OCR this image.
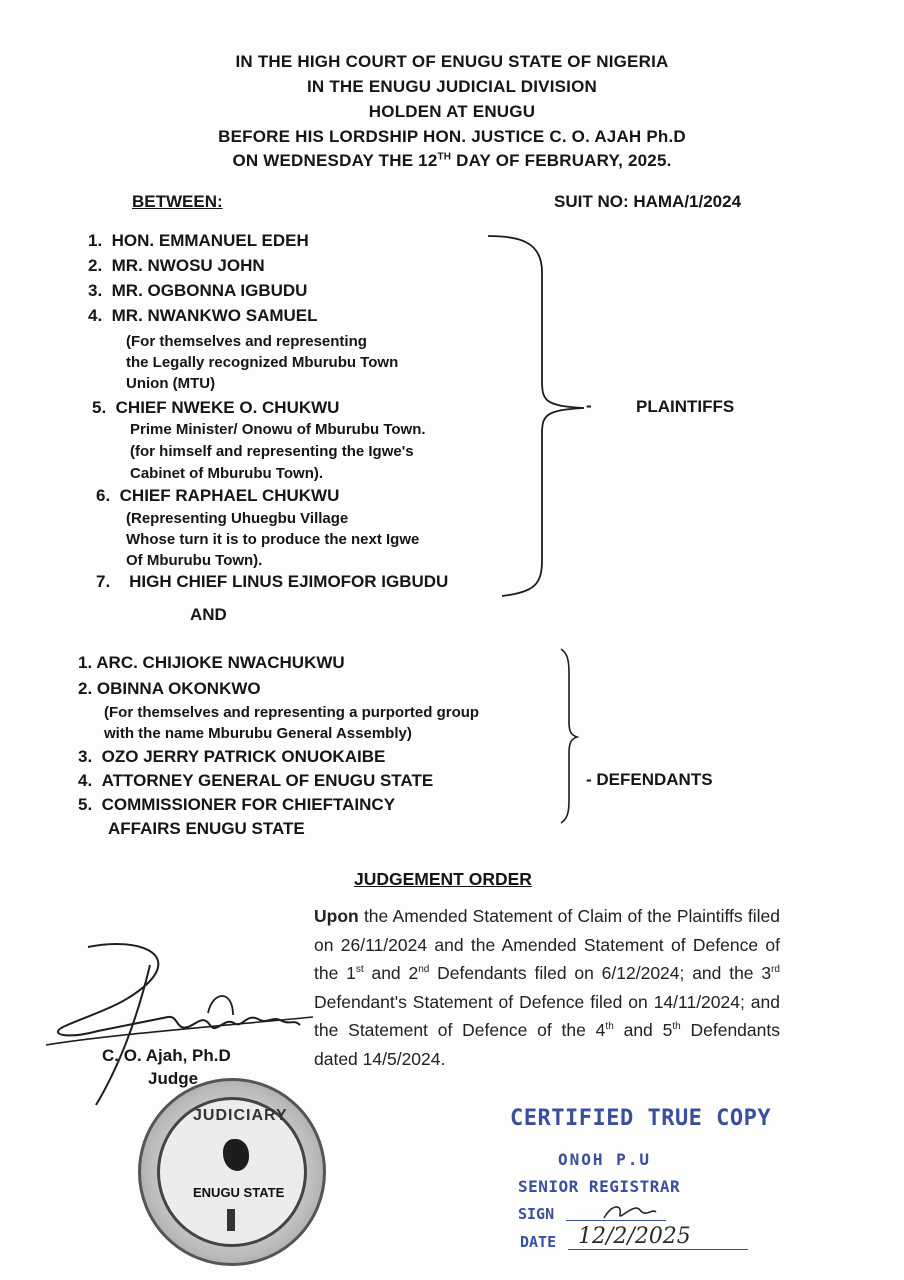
IN THE HIGH COURT OF ENUGU STATE OF NIGERIA
IN THE ENUGU JUDICIAL DIVISION
HOLDEN AT ENUGU
BEFORE HIS LORDSHIP HON. JUSTICE C. O. AJAH Ph.D
ON WEDNESDAY THE 12TH DAY OF FEBRUARY, 2025.
BETWEEN:	SUIT NO: HAMA/1/2024
1. HON. EMMANUEL EDEH
2. MR. NWOSU JOHN
3. MR. OGBONNA IGBUDU
4. MR. NWANKWO SAMUEL
(For themselves and representing
the Legally recognized Mburubu Town
Union (MTU)
5. CHIEF NWEKE O. CHUKWU
Prime Minister/ Onowu of Mburubu Town.
(for himself and representing the Igwe's
Cabinet of Mburubu Town).
6. CHIEF RAPHAEL CHUKWU
(Representing Uhuegbu Village
Whose turn it is to produce the next Igwe
Of Mburubu Town).
7. HIGH CHIEF LINUS EJIMOFOR IGBUDU
-	PLAINTIFFS
AND
1. ARC. CHIJIOKE NWACHUKWU
2. OBINNA OKONKWO
(For themselves and representing a purported group
with the name Mburubu General Assembly)
3. OZO JERRY PATRICK ONUOKAIBE
4. ATTORNEY GENERAL OF ENUGU STATE
5. COMMISSIONER FOR CHIEFTAINCY
AFFAIRS ENUGU STATE
- DEFENDANTS
JUDGEMENT ORDER
Upon the Amended Statement of Claim of the Plaintiffs filed on 26/11/2024 and the Amended Statement of Defence of the 1st and 2nd Defendants filed on 6/12/2024; and the 3rd Defendant's Statement of Defence filed on 14/11/2024; and the Statement of Defence of the 4th and 5th Defendants dated 14/5/2024.
C. O. Ajah, Ph.D
Judge
JUDICIARY
ENUGU STATE
CERTIFIED TRUE COPY
ONOH P.U
SENIOR REGISTRAR
SIGN
DATE 12/2/2025
